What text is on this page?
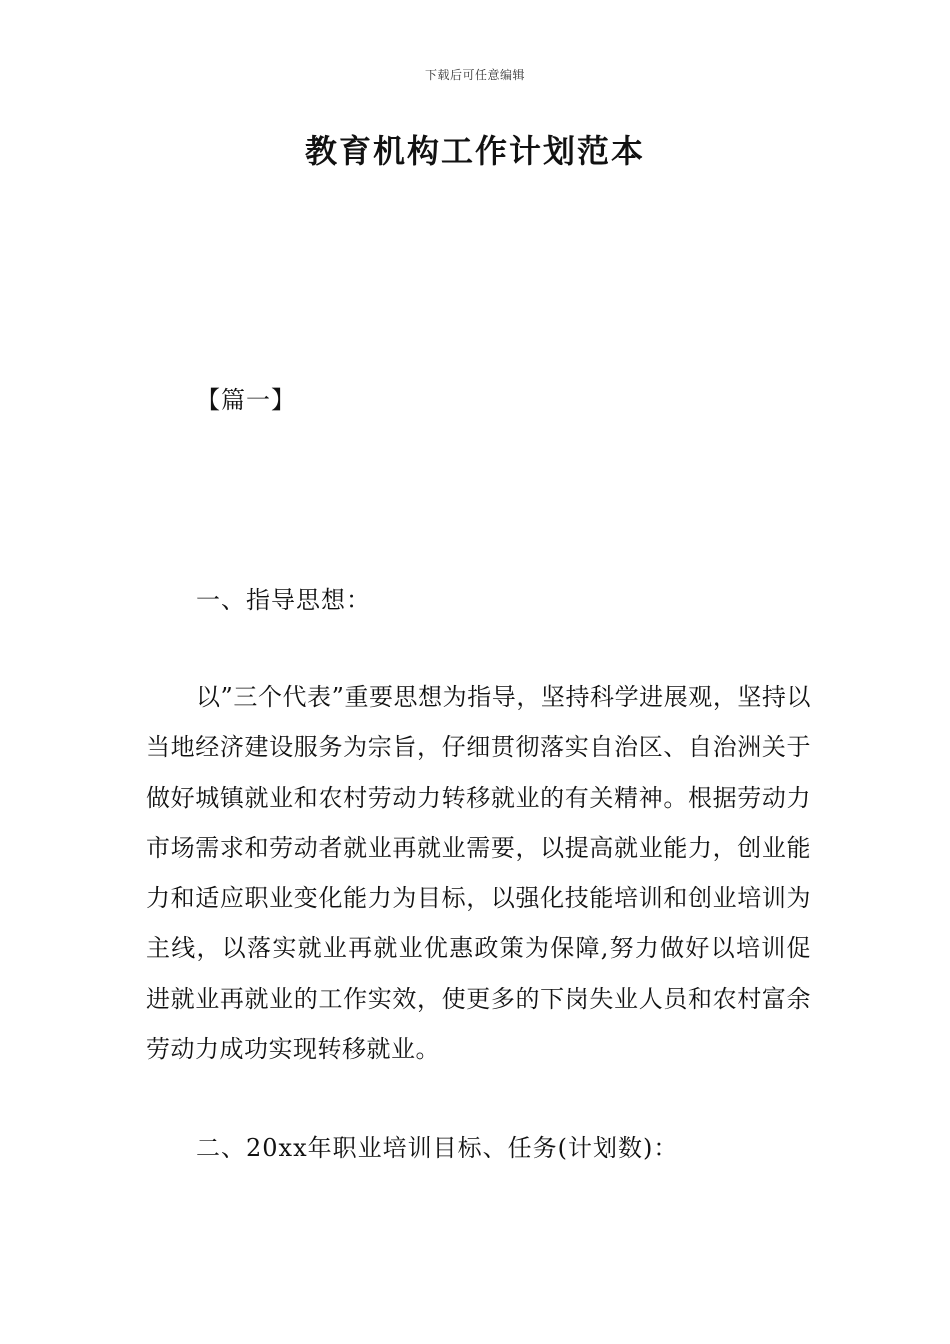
下载后可任意编辑
教育机构工作计划范本
【篇一】
一、指导思想：

以”三个代表”重要思想为指导，坚持科学进展观，坚持以当地经济建设服务为宗旨，仔细贯彻落实自治区、自治洲关于做好城镇就业和农村劳动力转移就业的有关精神。根据劳动力市场需求和劳动者就业再就业需要，以提高就业能力，创业能力和适应职业变化能力为目标，以强化技能培训和创业培训为主线，以落实就业再就业优惠政策为保障,努力做好以培训促进就业再就业的工作实效，使更多的下岗失业人员和农村富余劳动力成功实现转移就业。

二、20xx年职业培训目标、任务(计划数)：
